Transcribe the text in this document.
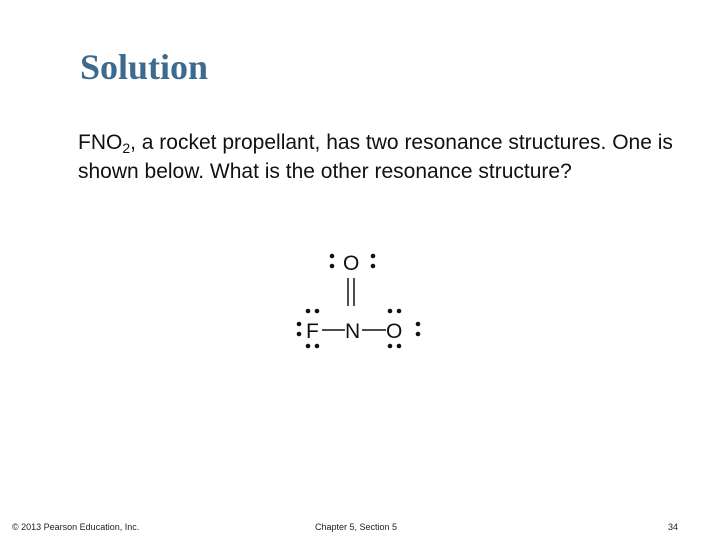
Solution
$FNO_2$, a rocket propellant, has two resonance structures. One is shown below. What is the other resonance structure?
O
F N O
© 2013 Pearson Education, Inc.	Chapter 5, Section 5	34
